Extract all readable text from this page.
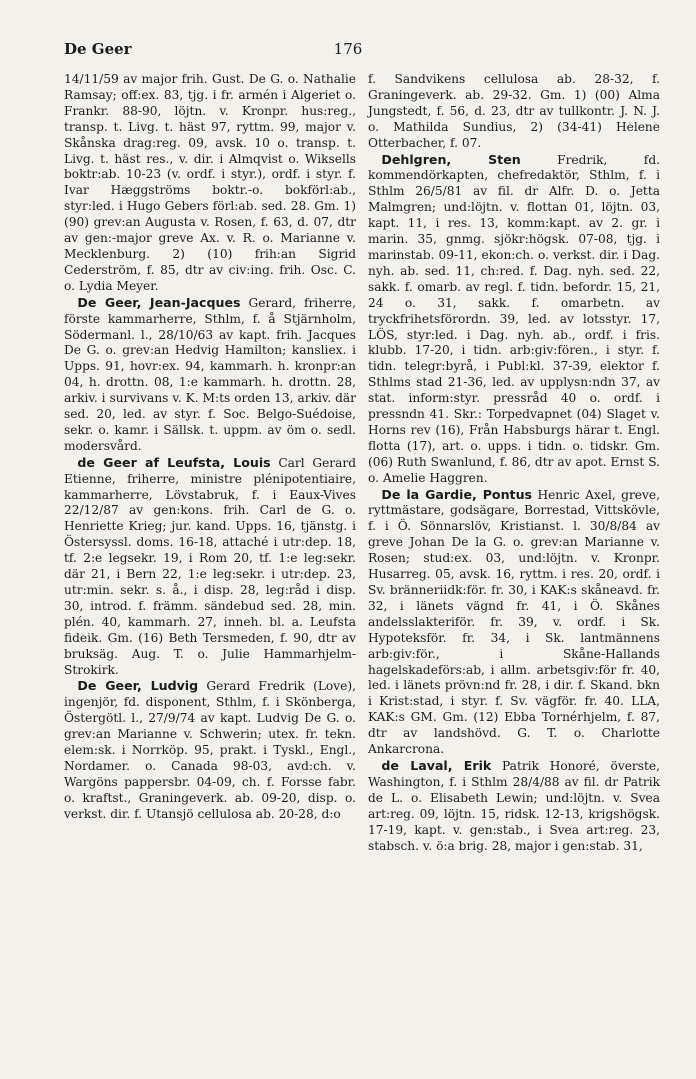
De Geer	176

14/11/59 av major frih. Gust. De G. o. Nathalie Ramsay; off:ex. 83, tjg. i fr. armén i Algeriet o. Frankr. 88-90, löjtn. v. Kronpr. hus:reg., transp. t. Livg. t. häst 97, ryttm. 99, major v. Skånska drag:reg. 09, avsk. 10 o. transp. t. Livg. t. häst res., v. dir. i Almqvist o. Wiksells boktr:ab. 10-23 (v. ordf. i styr.), ordf. i styr. f. Ivar Hæggströms boktr.-o. bokförl:ab., styr:led. i Hugo Gebers förl:ab. sed. 28. Gm. 1) (90) grev:an Augusta v. Rosen, f. 63, d. 07, dtr av gen:-major greve Ax. v. R. o. Marianne v. Mecklenburg. 2) (10) frih:an Sigrid Cederström, f. 85, dtr av civ:ing. frih. Osc. C. o. Lydia Meyer.

De Geer, Jean-Jacques Gerard, friherre, förste kammarherre, Sthlm, f. å Stjärnholm, Södermanl. l., 28/10/63 av kapt. frih. Jacques De G. o. grev:an Hedvig Hamilton; kansliex. i Upps. 91, hovr:ex. 94, kammarh. h. kronpr:an 04, h. drottn. 08, 1:e kammarh. h. drottn. 28, arkiv. i survivans v. K. M:ts orden 13, arkiv. där sed. 20, led. av styr. f. Soc. Belgo-Suédoise, sekr. o. kamr. i Sällsk. t. uppm. av öm o. sedl. modersvård.

de Geer af Leufsta, Louis Carl Gerard Etienne, friherre, ministre plénipotentiaire, kammarherre, Lövstabruk, f. i Eaux-Vives 22/12/87 av gen:kons. frih. Carl de G. o. Henriette Krieg; jur. kand. Upps. 16, tjänstg. i Östersyssl. doms. 16-18, attaché i utr:dep. 18, tf. 2:e legsekr. 19, i Rom 20, tf. 1:e leg:sekr. där 21, i Bern 22, 1:e leg:sekr. i utr:dep. 23, utr:min. sekr. s. å., i disp. 28, leg:råd i disp. 30, introd. f. främm. sändebud sed. 28, min. plén. 40, kammarh. 27, inneh. bl. a. Leufsta fideik. Gm. (16) Beth Tersmeden, f. 90, dtr av bruksäg. Aug. T. o. Julie Hammarhjelm-Strokirk.

De Geer, Ludvig Gerard Fredrik (Love), ingenjör, fd. disponent, Sthlm, f. i Skönberga, Östergötl. l., 27/9/74 av kapt. Ludvig De G. o. grev:an Marianne v. Schwerin; utex. fr. tekn. elem:sk. i Norrköp. 95, prakt. i Tyskl., Engl., Nordamer. o. Canada 98-03, avd:ch. v. Wargöns pappersbr. 04-09, ch. f. Forsse fabr. o. kraftst., Graningeverk. ab. 09-20, disp. o. verkst. dir. f. Utansjö cellulosa ab. 20-28, d:o

f. Sandvikens cellulosa ab. 28-32, f. Graningeverk. ab. 29-32. Gm. 1) (00) Alma Jungstedt, f. 56, d. 23, dtr av tullkontr. J. N. J. o. Mathilda Sundius, 2) (34-41) Helene Otterbacher, f. 07.

Dehlgren, Sten	Fredrik, fd. kommendörkapten, chefredaktör, Sthlm, f. i Sthlm 26/5/81 av fil. dr Alfr. D. o. Jetta Malmgren; und:löjtn. v. flottan 01, löjtn. 03, kapt. 11, i res. 13, komm:kapt. av 2. gr. i marin. 35, gnmg. sjökr:högsk. 07-08, tjg. i marinstab. 09-11, ekon:ch. o. verkst. dir. i Dag. nyh. ab. sed. 11, ch:red. f. Dag. nyh. sed. 22, sakk. f. omarb. av regl. f. tidn. befordr. 15, 21, 24 o. 31, sakk. f. omarbetn. av tryckfrihetsförordn. 39, led. av lotsstyr. 17, LÖS, styr:led. i Dag. nyh. ab., ordf. i fris. klubb. 17-20, i tidn. arb:giv:fören., i styr. f. tidn. telegr:byrå, i Publ:kl. 37-39, elektor f. Sthlms stad 21-36, led. av upplysn:ndn 37, av stat. inform:styr. pressråd 40 o. ordf. i pressndn 41. Skr.: Torpedvapnet (04) Slaget v. Horns rev (16), Från Habsburgs härar t. Engl. flotta (17), art. o. upps. i tidn. o. tidskr. Gm. (06) Ruth Swanlund, f. 86, dtr av apot. Ernst S. o. Amelie Haggren.

De la Gardie, Pontus Henric Axel, greve, ryttmästare, godsägare, Borrestad, Vittskövle, f. i Ö. Sönnarslöv, Kristianst. l. 30/8/84 av greve Johan De la G. o. grev:an Marianne v. Rosen; stud:ex. 03, und:löjtn. v. Kronpr. Husarreg. 05, avsk. 16, ryttm. i res. 20, ordf. i Sv. bränneriidk:för. fr. 30, i KAK:s skåneavd. fr. 32, i länets vägnd fr. 41, i Ö. Skånes andelsslakteriför. fr. 39, v. ordf. i Sk. Hypoteksför. fr. 34, i Sk. lantmännens arb:giv:för., i Skåne-Hallands hagelskadeförs:ab, i allm. arbetsgiv:för fr. 40, led. i länets prövn:nd fr. 28, i dir. f. Skand. bkn i Krist:stad, i styr. f. Sv. vägför. fr. 40. LLA, KAK:s GM. Gm. (12) Ebba Tornérhjelm, f. 87, dtr av landshövd. G. T. o. Charlotte Ankarcrona.

de Laval, Erik Patrik Honoré, överste, Washington, f. i Sthlm 28/4/88 av fil. dr Patrik de L. o. Elisabeth Lewin; und:löjtn. v. Svea art:reg. 09, löjtn. 15, ridsk. 12-13, krigshögsk. 17-19, kapt. v. gen:stab., i Svea art:reg. 23, stabsch. v. ö:a brig. 28, major i gen:stab. 31,
